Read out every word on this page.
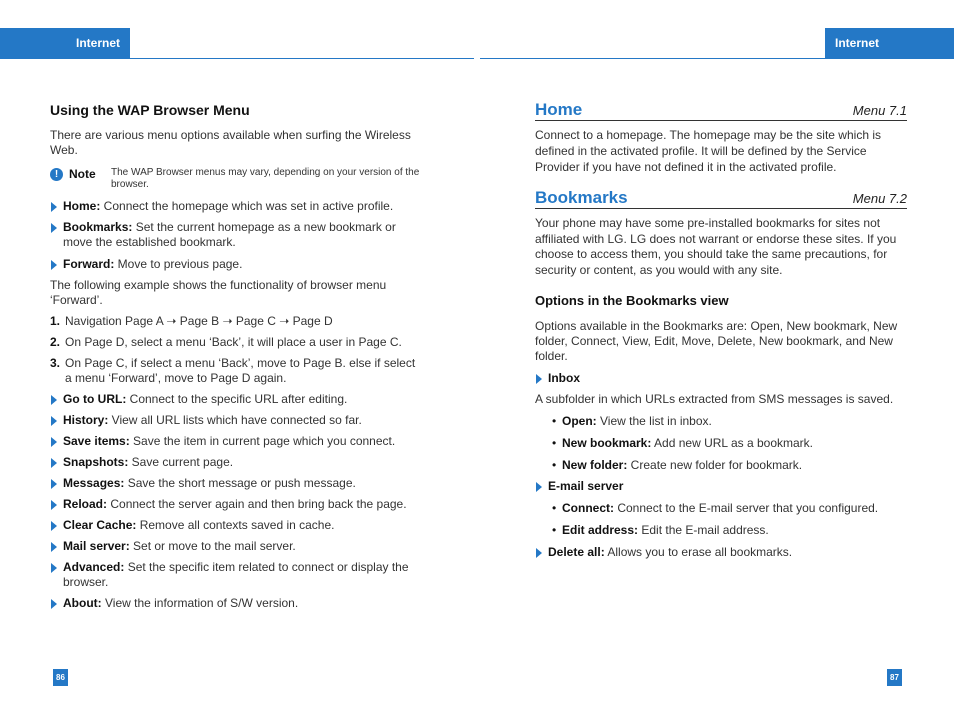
Internet	Internet
Using the WAP Browser Menu

There are various menu options available when surfing the Wireless Web.

! Note	The WAP Browser menus may vary, depending on your version of the browser.
Home: Connect the homepage which was set in active profile.
Bookmarks: Set the current homepage as a new bookmark or move the established bookmark.
Forward: Move to previous page.

The following example shows the functionality of browser menu ‘Forward’.

1. Navigation Page A ➝ Page B ➝ Page C ➝ Page D
2. On Page D, select a menu ‘Back’, it will place a user in Page C.
3. On Page C, if select a menu ‘Back’, move to Page B. else if select a menu ‘Forward’, move to Page D again.
Go to URL: Connect to the specific URL after editing.
History: View all URL lists which have connected so far.
Save items: Save the item in current page which you connect.
Snapshots: Save current page.
Messages: Save the short message or push message.
Reload: Connect the server again and then bring back the page.
Clear Cache: Remove all contexts saved in cache.
Mail server: Set or move to the mail server.
Advanced: Set the specific item related to connect or display the browser.
About: View the information of S/W version.
Home	Menu 7.1

Connect to a homepage. The homepage may be the site which is defined in the activated profile. It will be defined by the Service Provider if you have not defined it in the activated profile.

Bookmarks	Menu 7.2

Your phone may have some pre-installed bookmarks for sites not affiliated with LG. LG does not warrant or endorse these sites. If you choose to access them, you should take the same precautions, for security or content, as you would with any site.

Options in the Bookmarks view

Options available in the Bookmarks are: Open, New bookmark, New folder, Connect, View, Edit, Move, Delete, New bookmark, and New folder.

Inbox

A subfolder in which URLs extracted from SMS messages is saved.

• Open: View the list in inbox.
• New bookmark: Add new URL as a bookmark.
• New folder: Create new folder for bookmark.
E-mail server
• Connect: Connect to the E-mail server that you configured.
• Edit address: Edit the E-mail address.
Delete all: Allows you to erase all bookmarks.
86	87
